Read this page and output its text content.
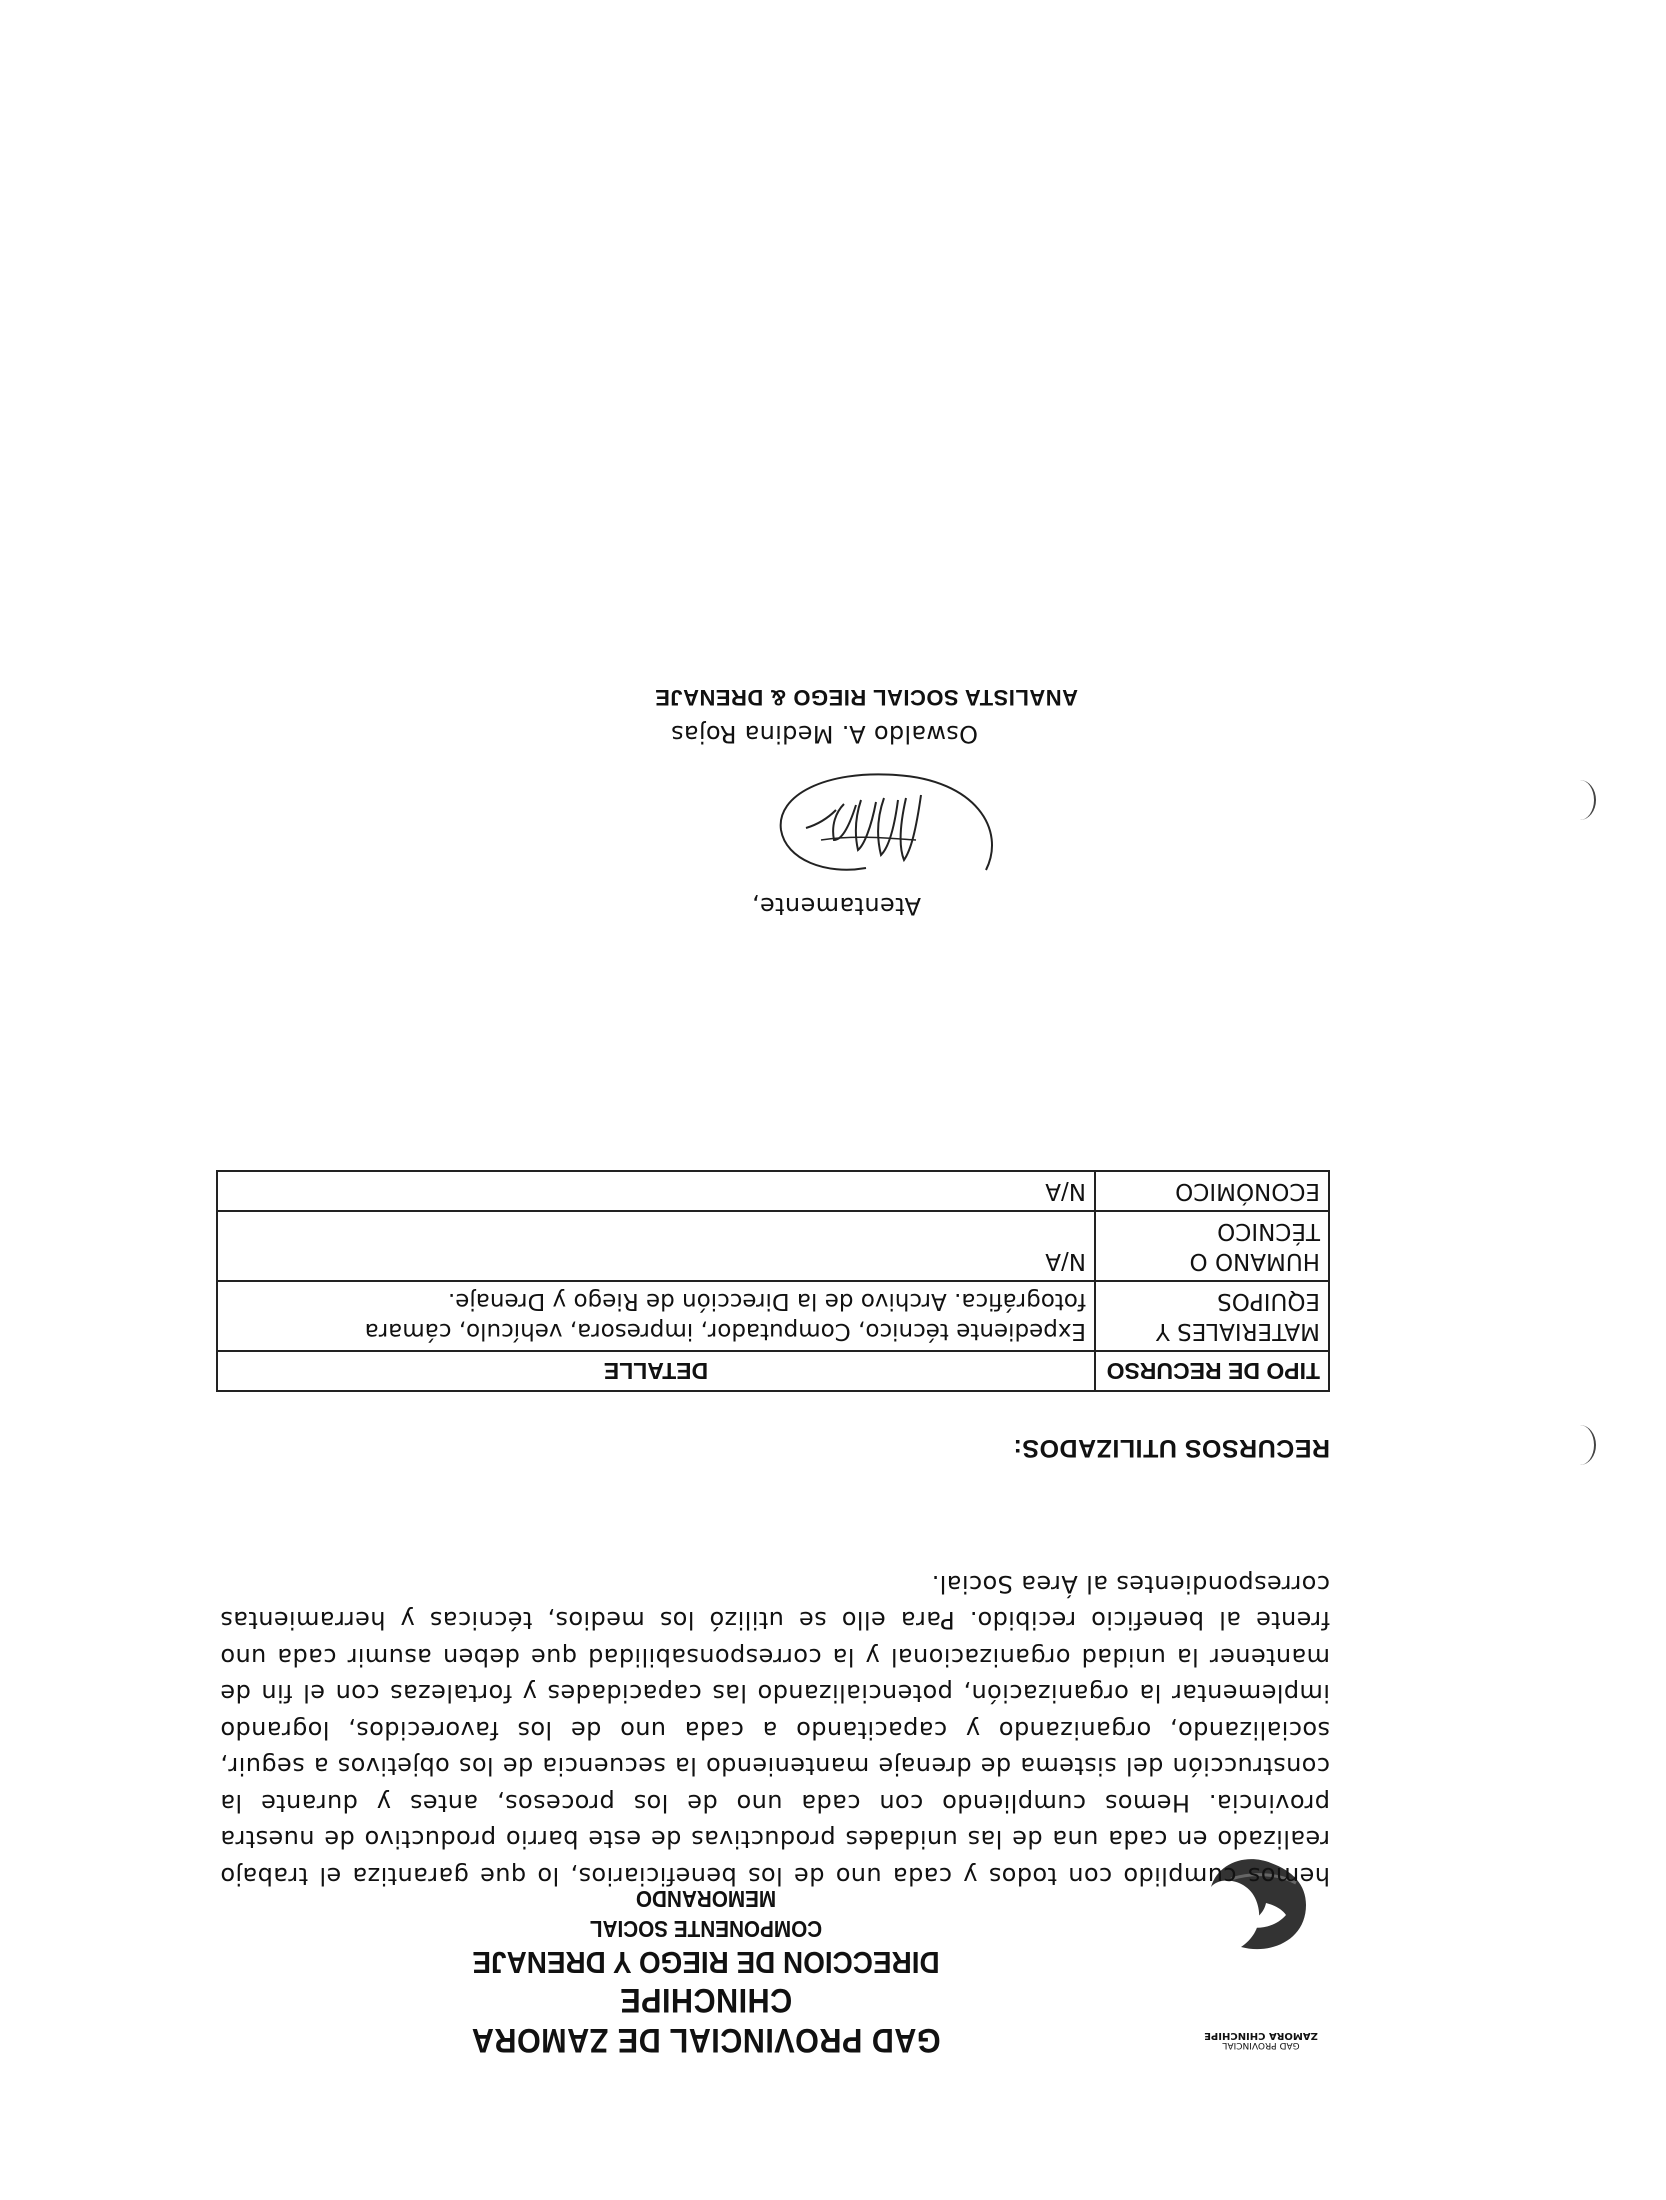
GAD PROVINCIAL
ZAMORA CHINCHIPE
GAD PROVINCIAL DE ZAMORA CHINCHIPE
DIRECCION DE RIEGO Y DRENAJE
COMPONENTE SOCIAL
MEMORANDO

hemos cumplido con todos y cada uno de los beneficiarios, lo que garantiza el trabajo realizado en cada una de las unidades productivas de este barrio productivo de nuestra provincia. Hemos cumpliendo con cada uno de los procesos, antes y durante la construcción del sistema de drenaje manteniendo la secuencia de los objetivos a seguir, socializando, organizando y capacitando a cada uno de los favorecidos, logrando implementar la organización, potencializando las capacidades y fortalezas con el fin de mantener la unidad organizacional y la corresponsabilidad que deben asumir cada uno frente al beneficio recibido. Para ello se utilizó los medios, técnicas y herramientas correspondientes al Área Social.

RECURSOS UTILIZADOS:
TIPO DE RECURSO	DETALLE
MATERIALES Y EQUIPOS	Expediente técnico, Computador, impresora, vehículo, cámara fotográfica. Archivo de la Dirección de Riego y Drenaje.
HUMANO O TÉCNICO	N/A
ECONÓMICO	N/A
Atentamente,
Oswaldo A. Medina Rojas
ANALISTA SOCIAL RIEGO & DRENAJE
